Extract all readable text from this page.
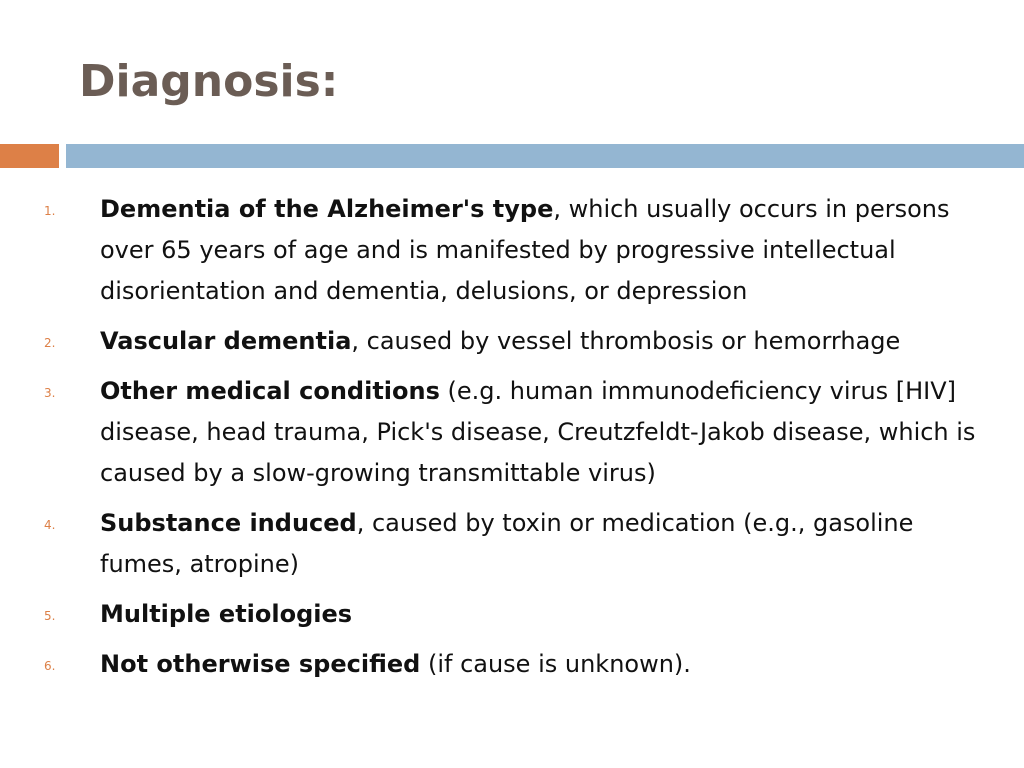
Diagnosis:
1. Dementia of the Alzheimer's type, which usually occurs in persons over 65 years of age and is manifested by progressive intellectual disorientation and dementia, delusions, or depression
2. Vascular dementia, caused by vessel thrombosis or hemorrhage
3. Other medical conditions (e.g. human immunodeficiency virus [HIV] disease, head trauma, Pick's disease, Creutzfeldt-Jakob disease, which is caused by a slow-growing transmittable virus)
4. Substance induced, caused by toxin or medication (e.g., gasoline fumes, atropine)
5. Multiple etiologies
6. Not otherwise specified (if cause is unknown).
